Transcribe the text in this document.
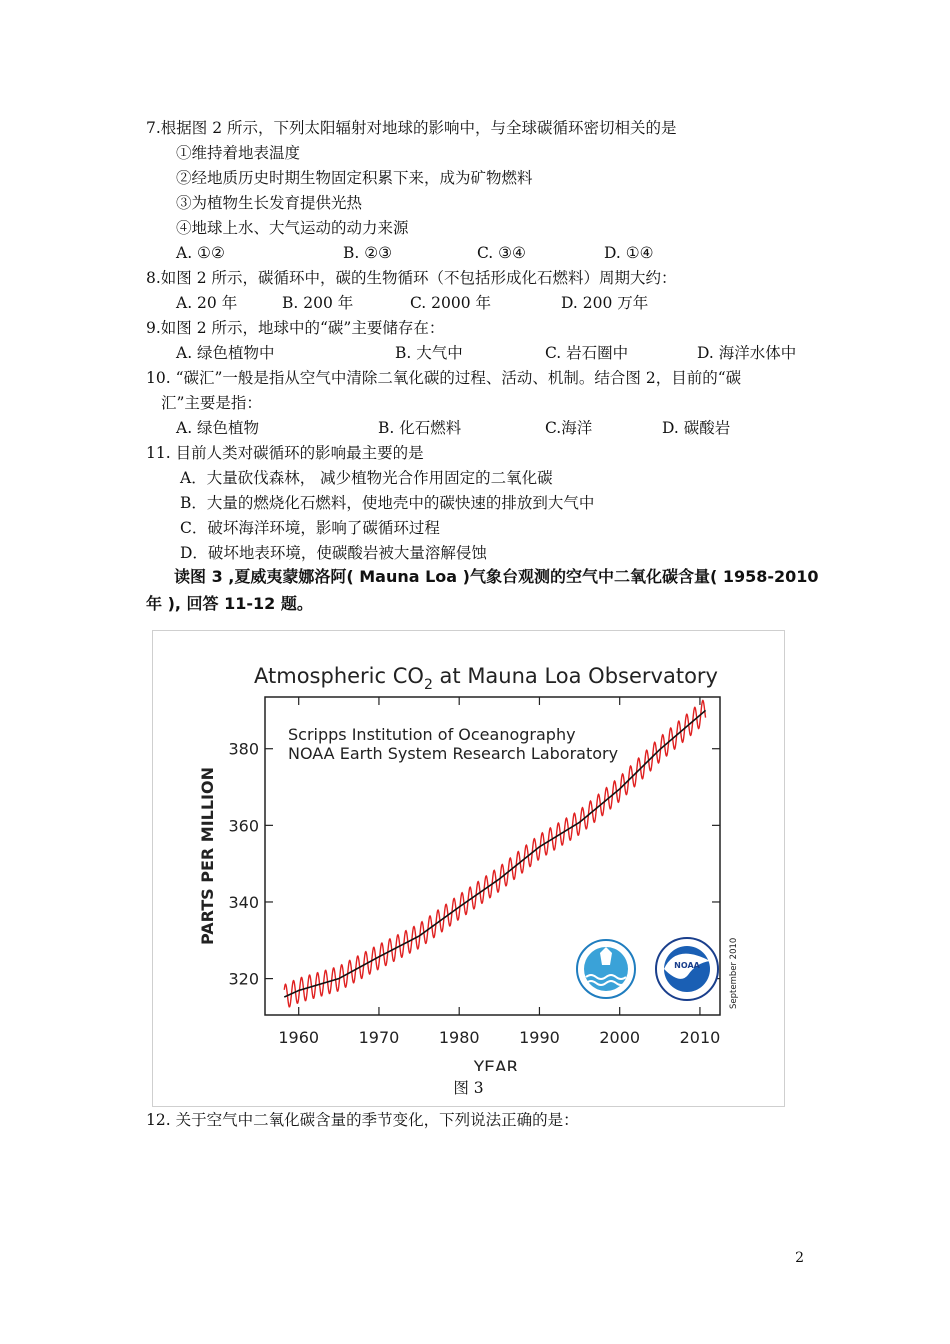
7.根据图 2 所示，下列太阳辐射对地球的影响中，与全球碳循环密切相关的是
①维持着地表温度
②经地质历史时期生物固定积累下来，成为矿物燃料
③为植物生长发育提供光热
④地球上水、大气运动的动力来源
A. ①②	B. ②③	C. ③④	D. ①④
8.如图 2 所示，碳循环中，碳的生物循环（不包括形成化石燃料）周期大约：
A. 20 年	B. 200 年	C. 2000 年	D. 200 万年
9.如图 2 所示，地球中的“碳”主要储存在：
A. 绿色植物中	B. 大气中	C. 岩石圈中	D. 海洋水体中
10. “碳汇”一般是指从空气中清除二氧化碳的过程、活动、机制。结合图 2，目前的“碳
汇”主要是指：
A. 绿色植物	B. 化石燃料	C.海洋	D. 碳酸岩
11. 目前人类对碳循环的影响最主要的是
A．大量砍伐森林， 减少植物光合作用固定的二氧化碳
B．大量的燃烧化石燃料，使地壳中的碳快速的排放到大气中
C．破坏海洋环境，影响了碳循环过程
D．破坏地表环境，使碳酸岩被大量溶解侵蚀
读图 3 ,夏威夷蒙娜洛阿( Mauna Loa )气象台观测的空气中二氧化碳含量( 1958-2010
年 ), 回答 11-12 题。
Atmospheric $CO_2$ at Mauna Loa Observatory
Scripps Institution of Oceanography
NOAA Earth System Research Laboratory
1960 1970 1980 1990 2000 2010
320
340
360
380
PARTS PER MILLION
YEAR
NOAA	September 2010
图 3
12. 关于空气中二氧化碳含量的季节变化，下列说法正确的是：
2
